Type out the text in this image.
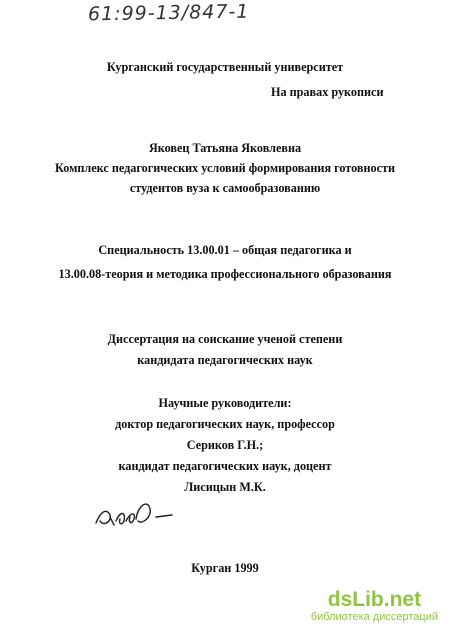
61:99-13/847-1
Курганский государственный университет
На правах рукописи
Яковец Татьяна Яковлевна
Комплекс педагогических условий формирования готовности
студентов вуза к самообразованию
Специальность 13.00.01 – общая педагогика и
13.00.08-теория и методика профессионального образования
Диссертация на соискание ученой степени
кандидата педагогических наук
Научные руководители:
доктор педагогических наук, профессор
Сериков Г.Н.;
кандидат педагогических наук, доцент
Лисицын М.К.
Курган 1999
dsLib.net
библиотека диссертаций
